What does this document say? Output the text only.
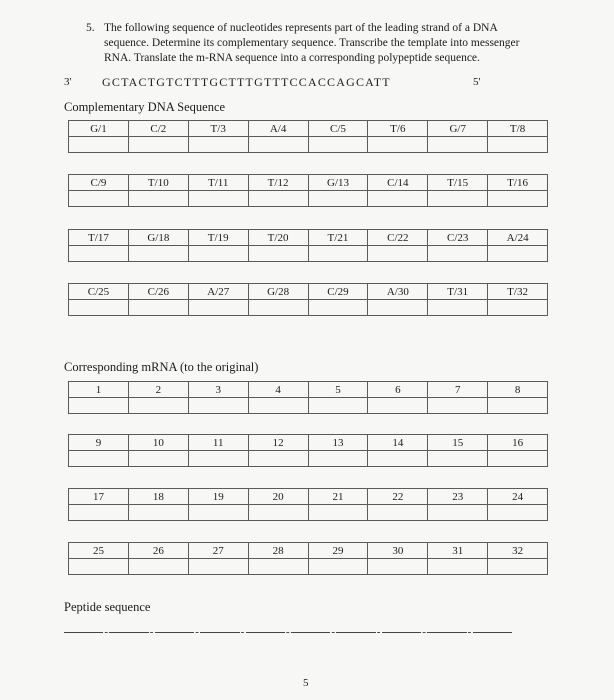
5. The following sequence of nucleotides represents part of the leading strand of a DNA
sequence. Determine its complementary sequence. Transcribe the template into messenger
RNA. Translate the m-RNA sequence into a corresponding polypeptide sequence.
3'	GCTACTGTCTTTGCTTTGTTTCCACCAGCATT	5'
Complementary DNA Sequence
G/1	C/2	T/3	A/4	C/5	T/6	G/7	T/8

C/9	T/10	T/11	T/12	G/13	C/14	T/15	T/16

T/17	G/18	T/19	T/20	T/21	C/22	C/23	A/24

C/25	C/26	A/27	G/28	C/29	A/30	T/31	T/32

Corresponding mRNA (to the original)
1	2	3	4	5	6	7	8

9	10	11	12	13	14	15	16

17	18	19	20	21	22	23	24

25	26	27	28	29	30	31	32

Peptide sequence
-	-	-	-	-	-	-	-	-
5
